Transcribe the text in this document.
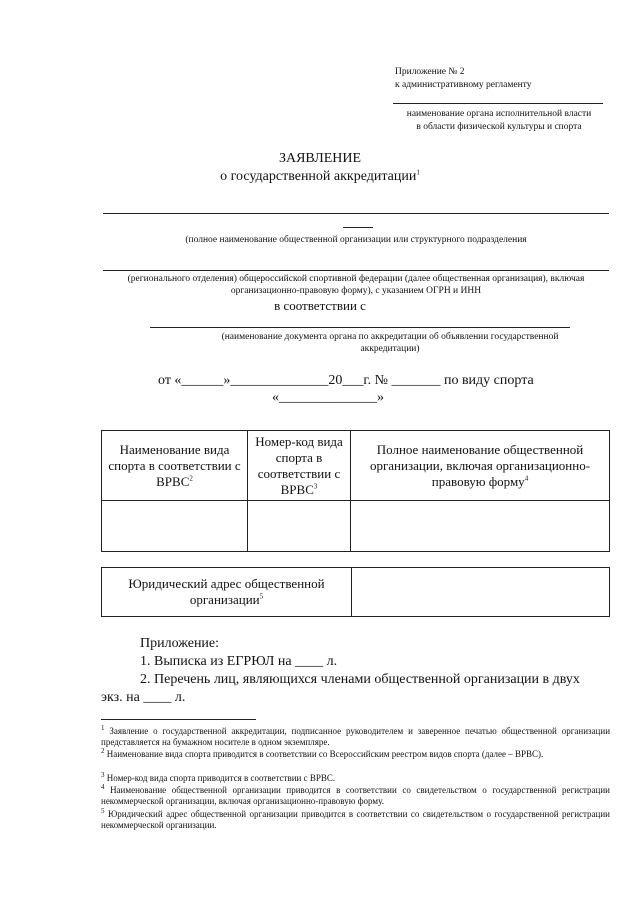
Приложение № 2
к административному регламенту
наименование органа исполнительной власти
в области физической культуры и спорта
ЗАЯВЛЕНИЕ
о государственной аккредитации$^1$
(полное наименование общественной организации или структурного подразделения
(регионального отделения) общероссийской спортивной федерации (далее общественная организация), включая
организационно-правовую форму), с указанием ОГРН и ИНН
в соответствии с
(наименование документа органа по аккредитации об объявлении государственной
аккредитации)
от «______»______________20___г. № _______ по виду спорта
«______________»
Наименование вида спорта в соответствии с ВРВС$^2$	Номер-код вида спорта в соответствии с ВРВС$^3$	Полное наименование общественной организации, включая организационно-правовую форму$^4$

Юридический адрес общественной организации$^5$	
Приложение:
1. Выписка из ЕГРЮЛ на ____ л.
2. Перечень лиц, являющихся членами общественной организации в двух
экз. на ____ л.
$^1$ Заявление о государственной аккредитации, подписанное руководителем и заверенное печатью общественной организации представляется на бумажном носителе в одном экземпляре.
$^2$ Наименование вида спорта приводится в соответствии со Всероссийским реестром видов спорта (далее – ВРВС).
$^3$ Номер-код вида спорта приводится в соответствии с ВРВС.
$^4$ Наименование общественной организации приводится в соответствии со свидетельством о государственной регистрации некоммерческой организации, включая организационно-правовую форму.
$^5$ Юридический адрес общественной организации приводится в соответствии со свидетельством о государственной регистрации некоммерческой организации.
